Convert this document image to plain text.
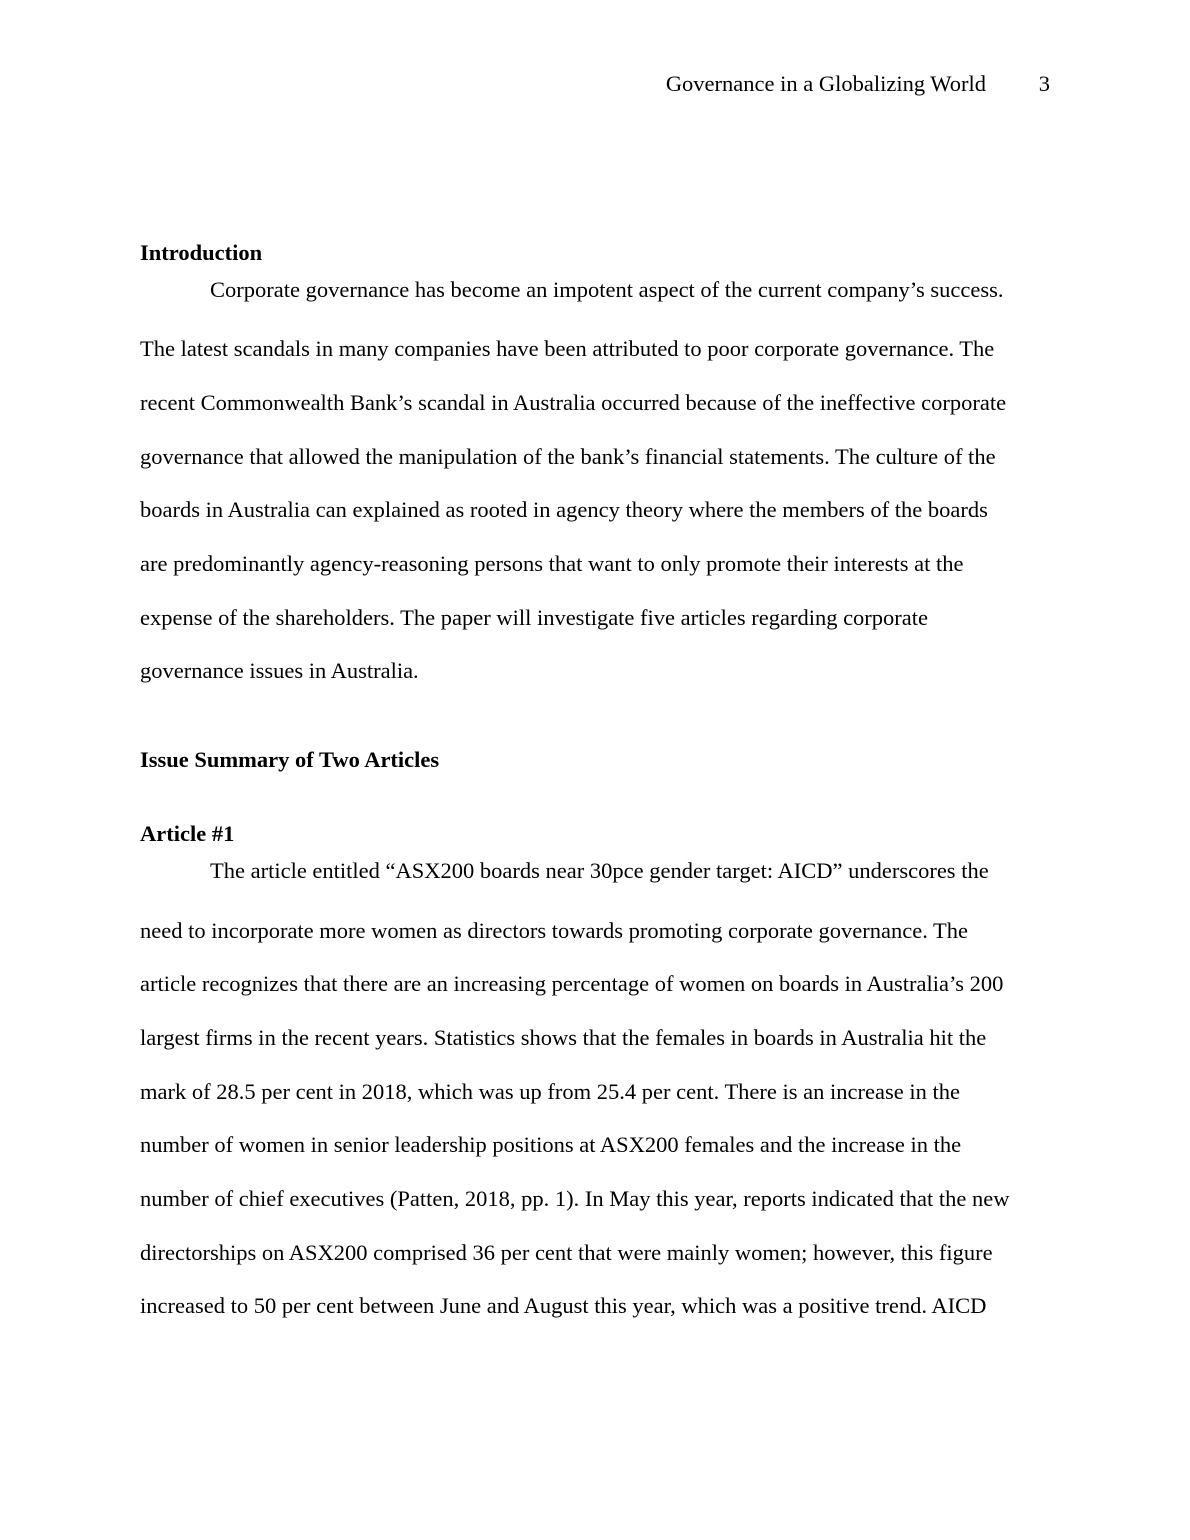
Governance in a Globalizing World 3
Introduction
Corporate governance has become an impotent aspect of the current company’s success.
The latest scandals in many companies have been attributed to poor corporate governance. The
recent Commonwealth Bank’s scandal in Australia occurred because of the ineffective corporate
governance that allowed the manipulation of the bank’s financial statements. The culture of the
boards in Australia can explained as rooted in agency theory where the members of the boards
are predominantly agency-reasoning persons that want to only promote their interests at the
expense of the shareholders. The paper will investigate five articles regarding corporate
governance issues in Australia.
Issue Summary of Two Articles
Article #1
The article entitled “ASX200 boards near 30pce gender target: AICD” underscores the
need to incorporate more women as directors towards promoting corporate governance. The
article recognizes that there are an increasing percentage of women on boards in Australia’s 200
largest firms in the recent years. Statistics shows that the females in boards in Australia hit the
mark of 28.5 per cent in 2018, which was up from 25.4 per cent. There is an increase in the
number of women in senior leadership positions at ASX200 females and the increase in the
number of chief executives (Patten, 2018, pp. 1). In May this year, reports indicated that the new
directorships on ASX200 comprised 36 per cent that were mainly women; however, this figure
increased to 50 per cent between June and August this year, which was a positive trend. AICD
